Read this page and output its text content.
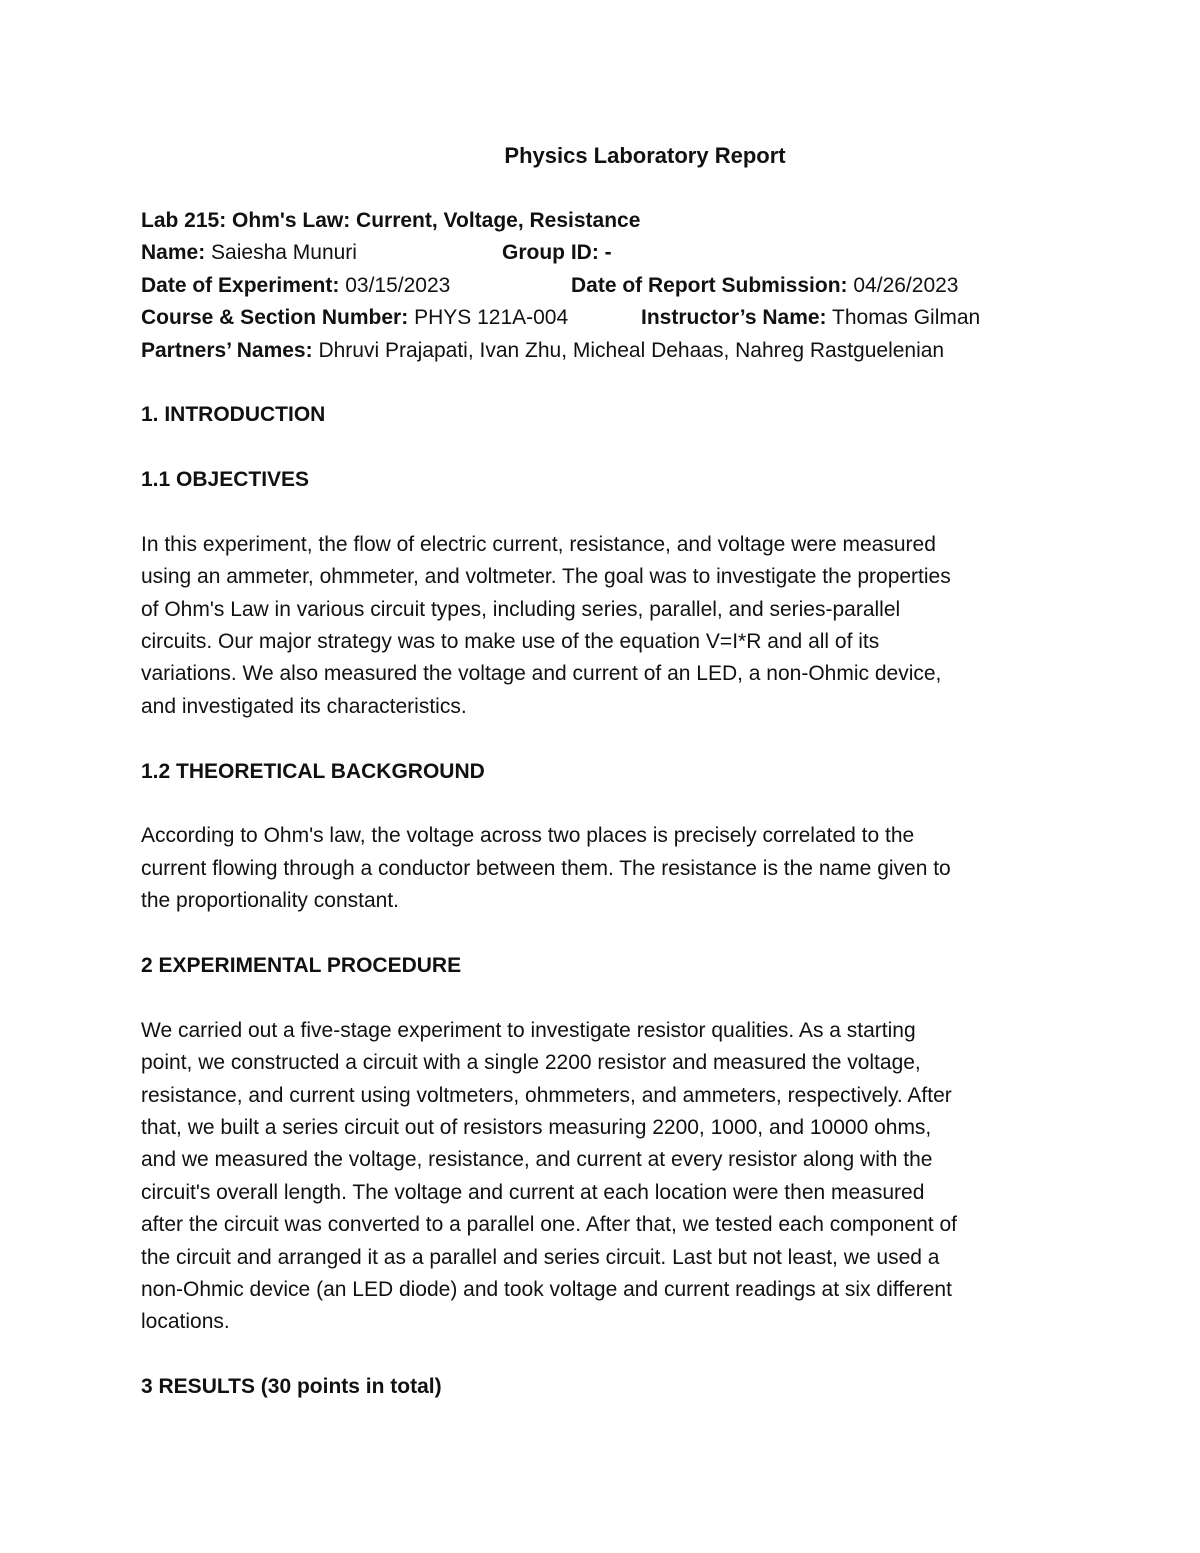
Physics Laboratory Report
Lab 215: Ohm's Law: Current, Voltage, Resistance
Name: Saiesha Munuri	Group ID: -
Date of Experiment: 03/15/2023	Date of Report Submission: 04/26/2023
Course & Section Number: PHYS 121A-004	Instructor’s Name: Thomas Gilman
Partners’ Names: Dhruvi Prajapati, Ivan Zhu, Micheal Dehaas, Nahreg Rastguelenian
1. INTRODUCTION
1.1 OBJECTIVES
In this experiment, the flow of electric current, resistance, and voltage were measured
using an ammeter, ohmmeter, and voltmeter. The goal was to investigate the properties
of Ohm's Law in various circuit types, including series, parallel, and series-parallel
circuits. Our major strategy was to make use of the equation V=I*R and all of its
variations. We also measured the voltage and current of an LED, a non-Ohmic device,
and investigated its characteristics.
1.2 THEORETICAL BACKGROUND
According to Ohm's law, the voltage across two places is precisely correlated to the
current flowing through a conductor between them. The resistance is the name given to
the proportionality constant.
2 EXPERIMENTAL PROCEDURE
We carried out a five-stage experiment to investigate resistor qualities. As a starting
point, we constructed a circuit with a single 2200 resistor and measured the voltage,
resistance, and current using voltmeters, ohmmeters, and ammeters, respectively. After
that, we built a series circuit out of resistors measuring 2200, 1000, and 10000 ohms,
and we measured the voltage, resistance, and current at every resistor along with the
circuit's overall length. The voltage and current at each location were then measured
after the circuit was converted to a parallel one. After that, we tested each component of
the circuit and arranged it as a parallel and series circuit. Last but not least, we used a
non-Ohmic device (an LED diode) and took voltage and current readings at six different
locations.
3 RESULTS (30 points in total)
